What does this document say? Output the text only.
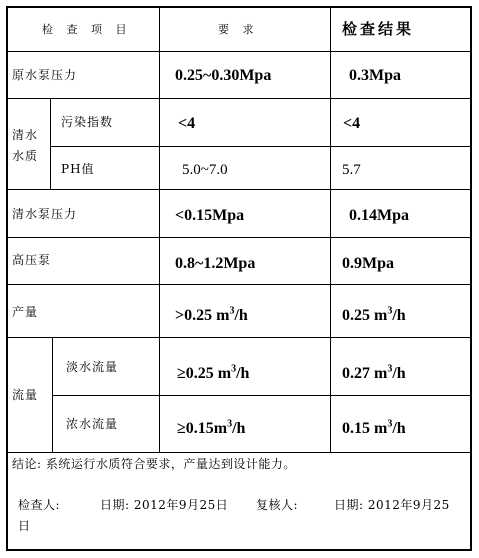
检 查 项 目	要 求	检查结果
原水泵压力	0.25~0.30Mpa	0.3Mpa
清水
水质
污染指数	<4	<4
PH值	5.0~7.0	5.7
清水泵压力	<0.15Mpa	0.14Mpa
高压泵	0.8~1.2Mpa	0.9Mpa
产量	>0.25 $m^3/h$	0.25 $m^3/h$
流量
淡水流量	≥0.25 $m^3/h$	0.27 $m^3/h$
浓水流量	$\ge 0.15m^3/h$	0.15 $m^3/h$
结论: 系统运行水质符合要求，产量达到设计能力。
检查人:	日期: 2012年9月25日 复核人:	日期: 2012年9月25
日
